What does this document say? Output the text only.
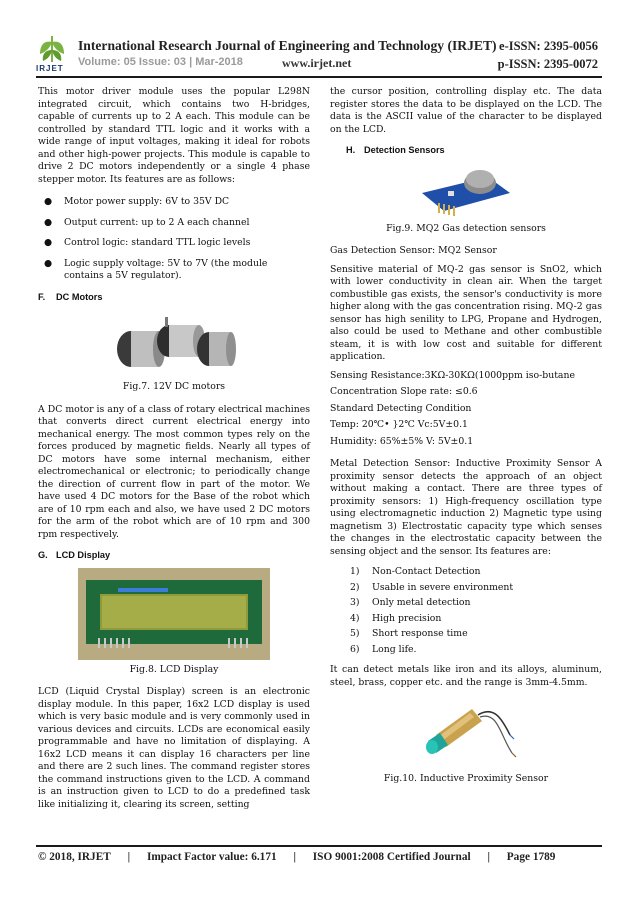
IRJET
International Research Journal of Engineering and Technology (IRJET) e-ISSN: 2395-0056
Volume: 05 Issue: 03 | Mar-2018	www.irjet.net	p-ISSN: 2395-0072

This motor driver module uses the popular L298N integrated circuit, which contains two H-bridges, capable of currents up to 2 A each. This module can be controlled by standard TTL logic and it works with a wide range of input voltages, making it ideal for robots and other high-power projects. This module is capable to drive 2 DC motors independently or a single 4 phase stepper motor. Its features are as follows:

● Motor power supply: 6V to 35V DC
● Output current: up to 2 A each channel
● Control logic: standard TTL logic levels
● Logic supply voltage: 5V to 7V (the module contains a 5V regulator).
F. DC Motors
Fig.7. 12V DC motors

A DC motor is any of a class of rotary electrical machines that converts direct current electrical energy into mechanical energy. The most common types rely on the forces produced by magnetic fields. Nearly all types of DC motors have some internal mechanism, either electromechanical or electronic; to periodically change the direction of current flow in part of the motor. We have used 4 DC motors for the Base of the robot which are of 10 rpm each and also, we have used 2 DC motors for the arm of the robot which are of 10 rpm and 300 rpm respectively.

G. LCD Display
Fig.8. LCD Display

LCD (Liquid Crystal Display) screen is an electronic display module. In this paper, 16x2 LCD display is used which is very basic module and is very commonly used in various devices and circuits. LCDs are economical easily programmable and have no limitation of displaying. A 16x2 LCD means it can display 16 characters per line and there are 2 such lines. The command register stores the command instructions given to the LCD. A command is an instruction given to LCD to do a predefined task like initializing it, clearing its screen, setting

the cursor position, controlling display etc. The data register stores the data to be displayed on the LCD. The data is the ASCII value of the character to be displayed on the LCD.

H. Detection Sensors
Fig.9. MQ2 Gas detection sensors

Gas Detection Sensor: MQ2 Sensor

Sensitive material of MQ-2 gas sensor is SnO2, which with lower conductivity in clean air. When the target combustible gas exists, the sensor's conductivity is more higher along with the gas concentration rising. MQ-2 gas sensor has high senility to LPG, Propane and Hydrogen, also could be used to Methane and other combustible steam, it is with low cost and suitable for different application.

Sensing Resistance:3KΩ-30KΩ(1000ppm iso-butane
Concentration Slope rate: ≤0.6
Standard Detecting Condition
Temp: 20℃• }2℃ Vc:5V±0.1
Humidity: 65%±5% V: 5V±0.1

Metal Detection Sensor: Inductive Proximity Sensor A proximity sensor detects the approach of an object without making a contact. There are three types of proximity sensors: 1) High-frequency oscillation type using electromagnetic induction 2) Magnetic type using magnetism 3) Electrostatic capacity type which senses the changes in the electrostatic capacity between the sensing object and the sensor. Its features are:

1) Non-Contact Detection
2) Usable in severe environment
3) Only metal detection
4) High precision
5) Short response time
6) Long life.

It can detect metals like iron and its alloys, aluminum, steel, brass, copper etc. and the range is 3mm-4.5mm.

Fig.10. Inductive Proximity Sensor
© 2018, IRJET | Impact Factor value: 6.171 | ISO 9001:2008 Certified Journal | Page 1789
